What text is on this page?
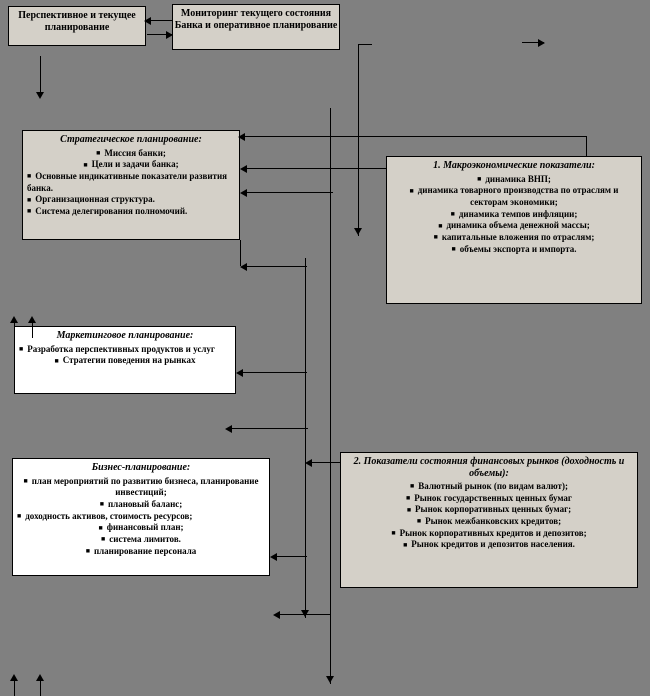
Перспективное и текущее планирование
Мониторинг текущего состояния Банка и оперативное планирование
Стратегическое планирование:
■ Миссия банки;
■ Цели и задачи банка;
■ Основные индикативные показатели развития банка.
■ Организационная структура.
■ Система делегирования полномочий.
1. Макроэкономические показатели:
■ динамика ВНП;
■ динамика товарного производства по отраслям и секторам экономики;
■ динамика темпов инфляции;
■ динамика объема денежной массы;
■ капитальные вложения по отраслям;
■ объемы экспорта и импорта.
Маркетинговое планирование:
■ Разработка перспективных продуктов и услуг
■ Стратегии поведения на рынках
Бизнес-планирование:
■ план мероприятий по развитию бизнеса, планирование инвестиций;
■ плановый баланс;
■ доходность активов, стоимость ресурсов;
■ финансовый план;
■ система лимитов.
■ планирование персонала
2. Показатели состояния финансовых рынков (доходность и объемы):
■ Валютный рынок (по видам валют);
■ Рынок государственных ценных бумаг
■ Рынок корпоративных ценных бумаг;
■ Рынок межбанковских кредитов;
■ Рынок корпоративных кредитов и депозитов;
■ Рынок кредитов и депозитов населения.
